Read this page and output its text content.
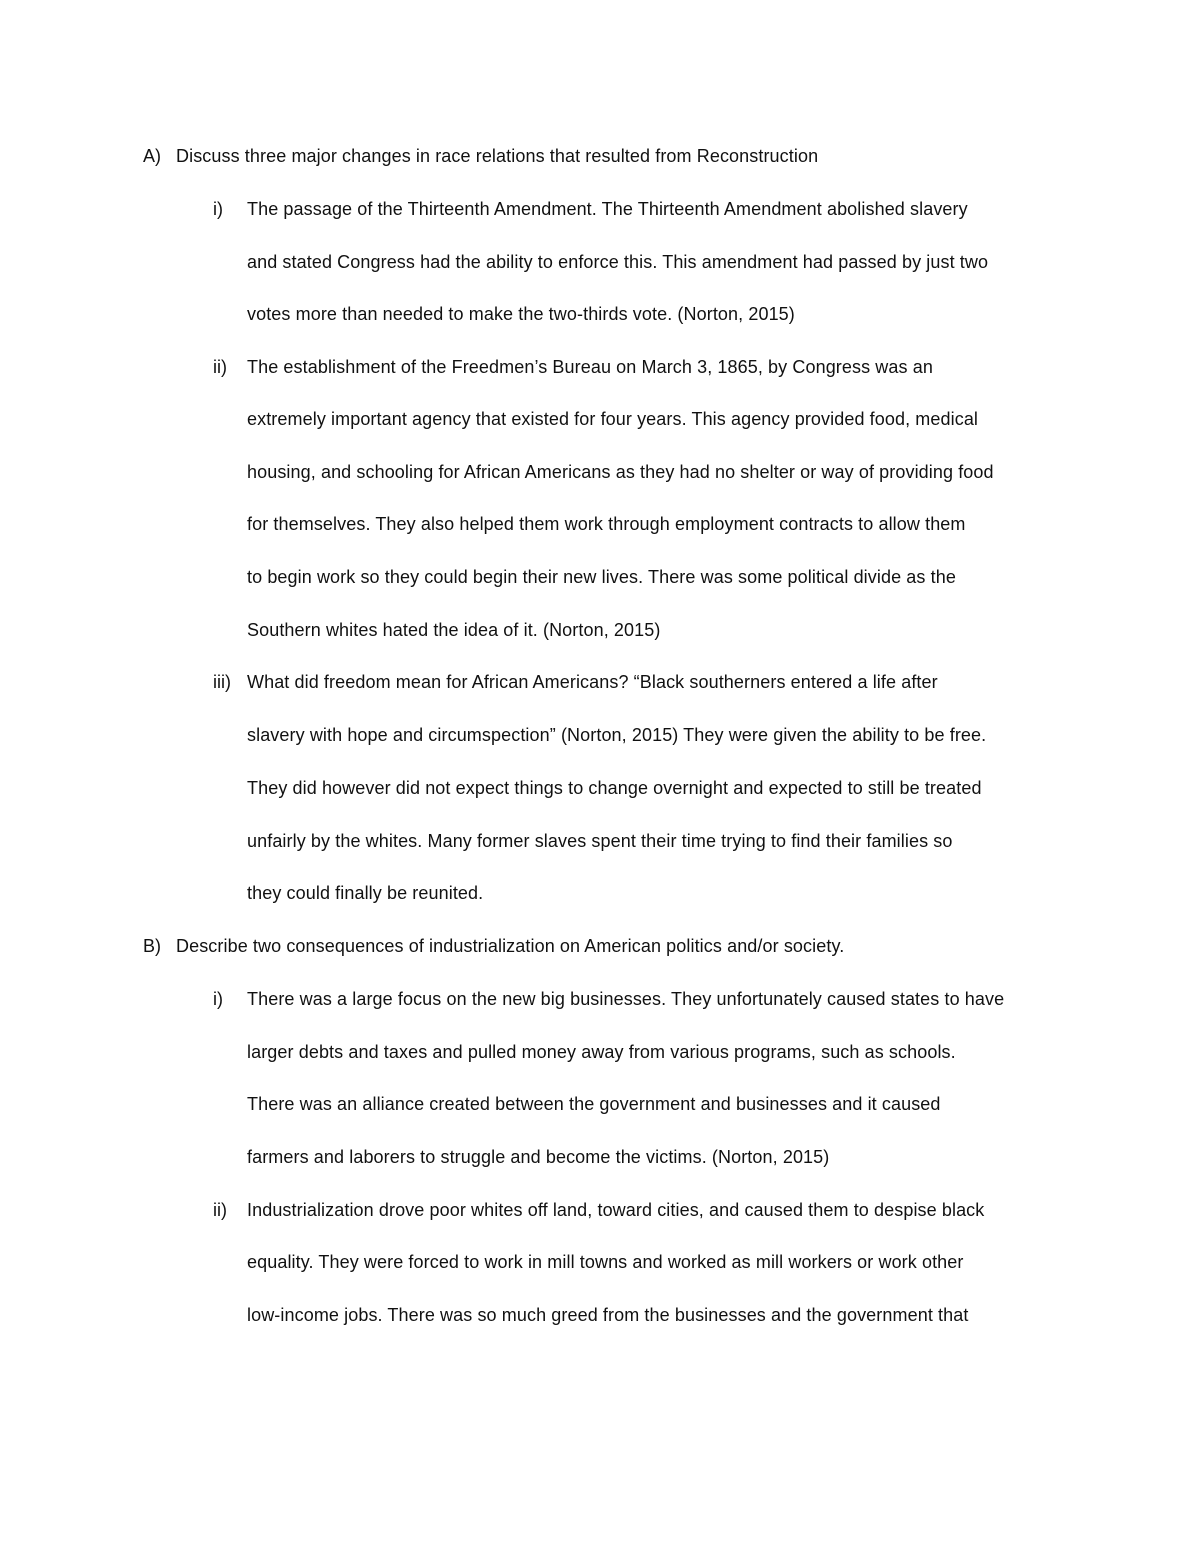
A) Discuss three major changes in race relations that resulted from Reconstruction
i) The passage of the Thirteenth Amendment. The Thirteenth Amendment abolished slavery
and stated Congress had the ability to enforce this. This amendment had passed by just two
votes more than needed to make the two-thirds vote. (Norton, 2015)
ii) The establishment of the Freedmen’s Bureau on March 3, 1865, by Congress was an
extremely important agency that existed for four years. This agency provided food, medical
housing, and schooling for African Americans as they had no shelter or way of providing food
for themselves. They also helped them work through employment contracts to allow them
to begin work so they could begin their new lives. There was some political divide as the
Southern whites hated the idea of it. (Norton, 2015)
iii) What did freedom mean for African Americans? “Black southerners entered a life after
slavery with hope and circumspection” (Norton, 2015) They were given the ability to be free.
They did however did not expect things to change overnight and expected to still be treated
unfairly by the whites. Many former slaves spent their time trying to find their families so
they could finally be reunited.
B) Describe two consequences of industrialization on American politics and/or society.
i) There was a large focus on the new big businesses. They unfortunately caused states to have
larger debts and taxes and pulled money away from various programs, such as schools.
There was an alliance created between the government and businesses and it caused
farmers and laborers to struggle and become the victims. (Norton, 2015)
ii) Industrialization drove poor whites off land, toward cities, and caused them to despise black
equality. They were forced to work in mill towns and worked as mill workers or work other
low-income jobs. There was so much greed from the businesses and the government that
